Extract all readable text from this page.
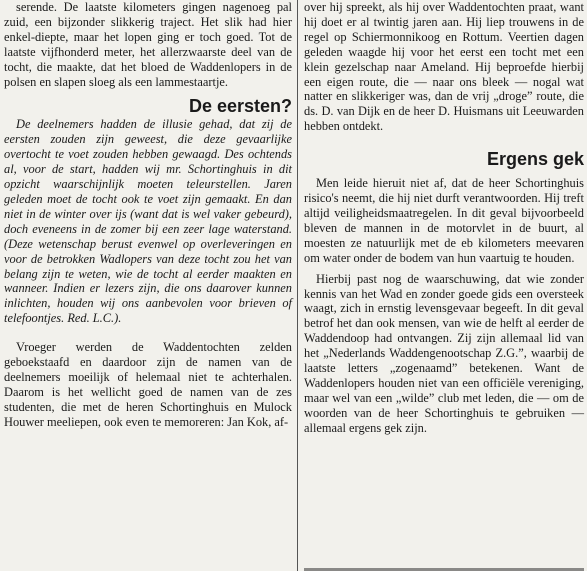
serende. De laatste kilometers gingen nagenoeg pal zuid, een bijzonder slikkerig traject. Het slik had hier enkel-diepte, maar het lopen ging er toch goed. Tot de laatste vijfhonderd meter, het allerzwaarste deel van de tocht, die maakte, dat het bloed de Waddenlopers in de polsen en slapen sloeg als een lammestaartje.

De eersten?

De deelnemers hadden de illusie gehad, dat zij de eersten zouden zijn geweest, die deze gevaarlijke overtocht te voet zouden hebben gewaagd. Des ochtends al, voor de start, hadden wij mr. Schortinghuis in dit opzicht waarschijnlijk moeten teleurstellen. Jaren geleden moet de tocht ook te voet zijn gemaakt. En dan niet in de winter over ijs (want dat is wel vaker gebeurd), doch eveneens in de zomer bij een zeer lage waterstand. (Deze wetenschap berust evenwel op overleveringen en voor de betrokken Wadlopers van deze tocht zou het van belang zijn te weten, wie de tocht al eerder maakten en wanneer. Indien er lezers zijn, die ons daarover kunnen inlichten, houden wij ons aanbevolen voor brieven of telefoontjes. Red. L.C.).

Vroeger werden de Waddentochten zelden geboekstaafd en daardoor zijn de namen van de deelnemers moeilijk of helemaal niet te achterhalen. Daarom is het wellicht goed de namen van de zes studenten, die met de heren Schortinghuis en Mulock Houwer meeliepen, ook even te memoreren: Jan Kok, af-

over hij spreekt, als hij over Waddentochten praat, want hij doet er al twintig jaren aan. Hij liep trouwens in de regel op Schiermonnikoog en Rottum. Veertien dagen geleden waagde hij voor het eerst een tocht met een klein gezelschap naar Ameland. Hij beproefde hierbij een eigen route, die — naar ons bleek — nogal wat natter en slikkeriger was, dan de vrij „droge” route, die ds. D. van Dijk en de heer D. Huismans uit Leeuwarden hebben ontdekt.

Ergens gek

Men leide hieruit niet af, dat de heer Schortinghuis risico's neemt, die hij niet durft verantwoorden. Hij treft altijd veiligheidsmaatregelen. In dit geval bijvoorbeeld bleven de mannen in de motorvlet in de buurt, al moesten ze natuurlijk met de eb kilometers meevaren om water onder de bodem van hun vaartuig te houden.

Hierbij past nog de waarschuwing, dat wie zonder kennis van het Wad en zonder goede gids een oversteek waagt, zich in ernstig levensgevaar begeeft. In dit geval betrof het dan ook mensen, van wie de helft al eerder de Waddendoop had ontvangen. Zij zijn allemaal lid van het „Nederlands Waddengenootschap Z.G.”, waarbij de laatste letters „zogenaamd” betekenen. Want de Waddenlopers houden niet van een officiële vereniging, maar wel van een „wilde” club met leden, die — om de woorden van de heer Schortinghuis te gebruiken — allemaal ergens gek zijn.
